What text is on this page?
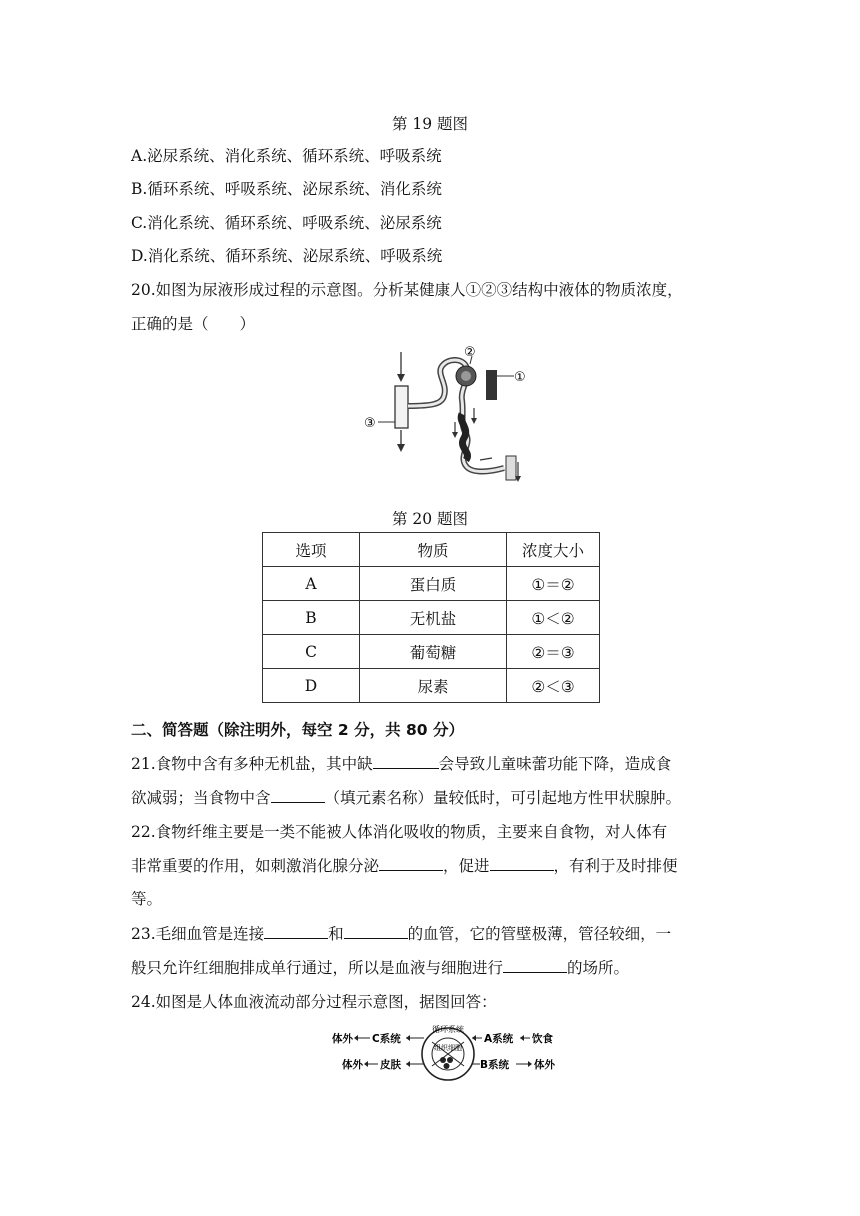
第 19 题图
A.泌尿系统、消化系统、循环系统、呼吸系统
B.循环系统、呼吸系统、泌尿系统、消化系统
C.消化系统、循环系统、呼吸系统、泌尿系统
D.消化系统、循环系统、泌尿系统、呼吸系统
20.如图为尿液形成过程的示意图。分析某健康人①②③结构中液体的物质浓度，
正确的是（　　）
③
②
①
第 20 题图
选项	物质	浓度大小
A	蛋白质	①＝②
B	无机盐	①＜②
C	葡萄糖	②＝③
D	尿素	②＜③
二、简答题（除注明外，每空 2 分，共 80 分）
21.食物中含有多种无机盐，其中缺	会导致儿童味蕾功能下降，造成食
欲减弱；当食物中含	（填元素名称）量较低时，可引起地方性甲状腺肿。
22.食物纤维主要是一类不能被人体消化吸收的物质，主要来自食物，对人体有
非常重要的作用，如刺激消化腺分泌	，促进	，有利于及时排便
等。
23.毛细血管是连接	和	的血管，它的管壁极薄，管径较细，一
般只允许红细胞排成单行通过，所以是血液与细胞进行	的场所。
24.如图是人体血液流动部分过程示意图，据图回答：
循环系统
组织细胞
体外 C系统	A系统 饮食
体外 皮肤	B系统 体外
